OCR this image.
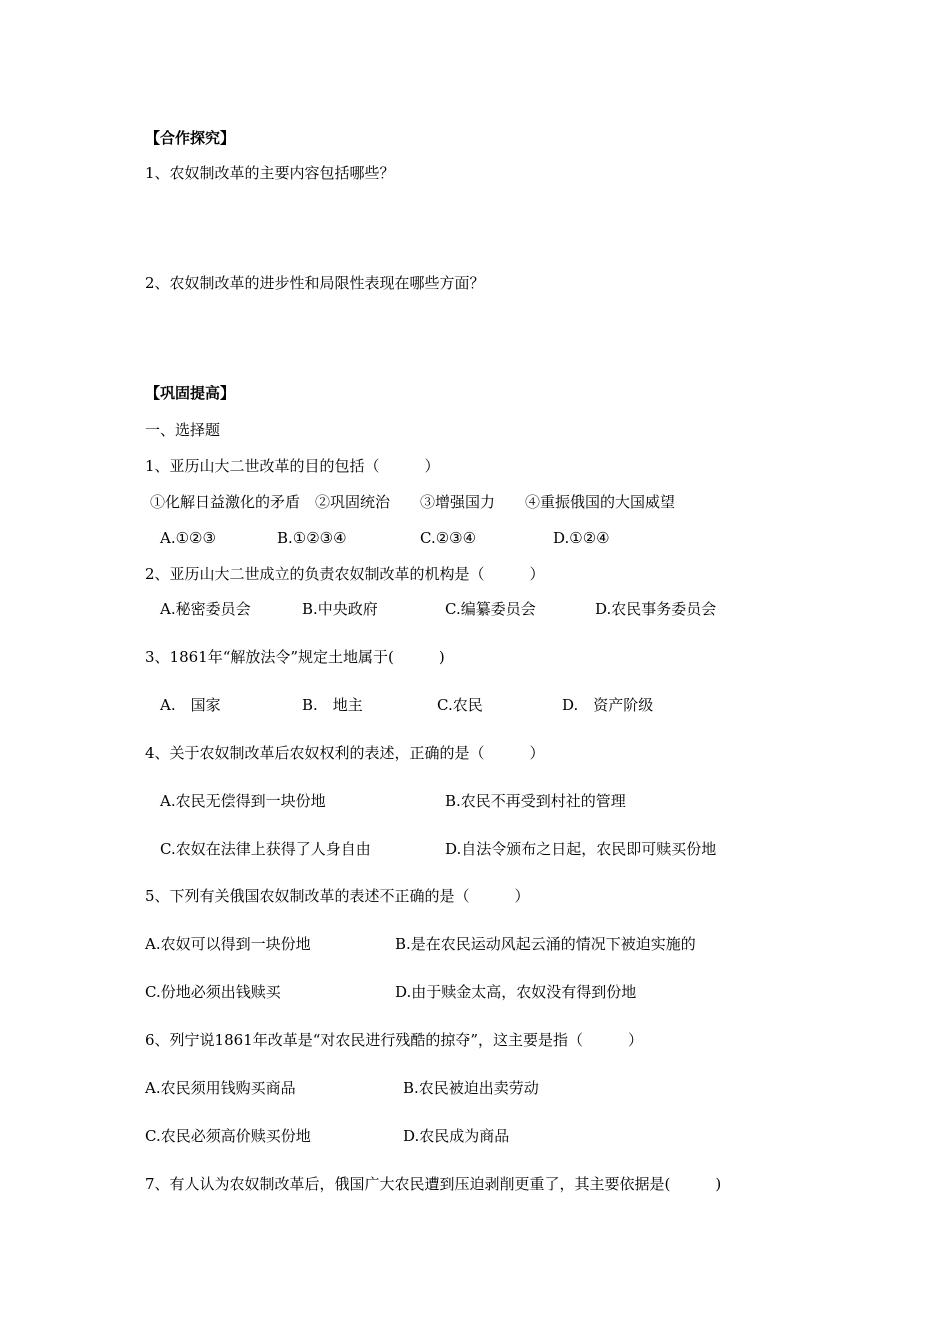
【合作探究】
1、农奴制改革的主要内容包括哪些？
2、农奴制改革的进步性和局限性表现在哪些方面？
【巩固提高】
一、选择题
1、亚历山大二世改革的目的包括（　　　）
①化解日益激化的矛盾　②巩固统治　　③增强国力　　④重振俄国的大国威望
A.①②③	B.①②③④	C.②③④	D.①②④
2、亚历山大二世成立的负责农奴制改革的机构是（　　　）
A.秘密委员会	B.中央政府	C.编纂委员会	D.农民事务委员会
3、1861年“解放法令”规定土地属于(　　　)
A.　国家	B.　地主	C.农民	D.　资产阶级
4、关于农奴制改革后农奴权利的表述，正确的是（　　　）
A.农民无偿得到一块份地	B.农民不再受到村社的管理
C.农奴在法律上获得了人身自由	D.自法令颁布之日起，农民即可赎买份地
5、下列有关俄国农奴制改革的表述不正确的是（　　　）
A.农奴可以得到一块份地	B.是在农民运动风起云涌的情况下被迫实施的
C.份地必须出钱赎买	D.由于赎金太高，农奴没有得到份地
6、列宁说1861年改革是“对农民进行残酷的掠夺”，这主要是指（　　　）
A.农民须用钱购买商品	B.农民被迫出卖劳动
C.农民必须高价赎买份地	D.农民成为商品
7、有人认为农奴制改革后，俄国广大农民遭到压迫剥削更重了，其主要依据是(　　　)
